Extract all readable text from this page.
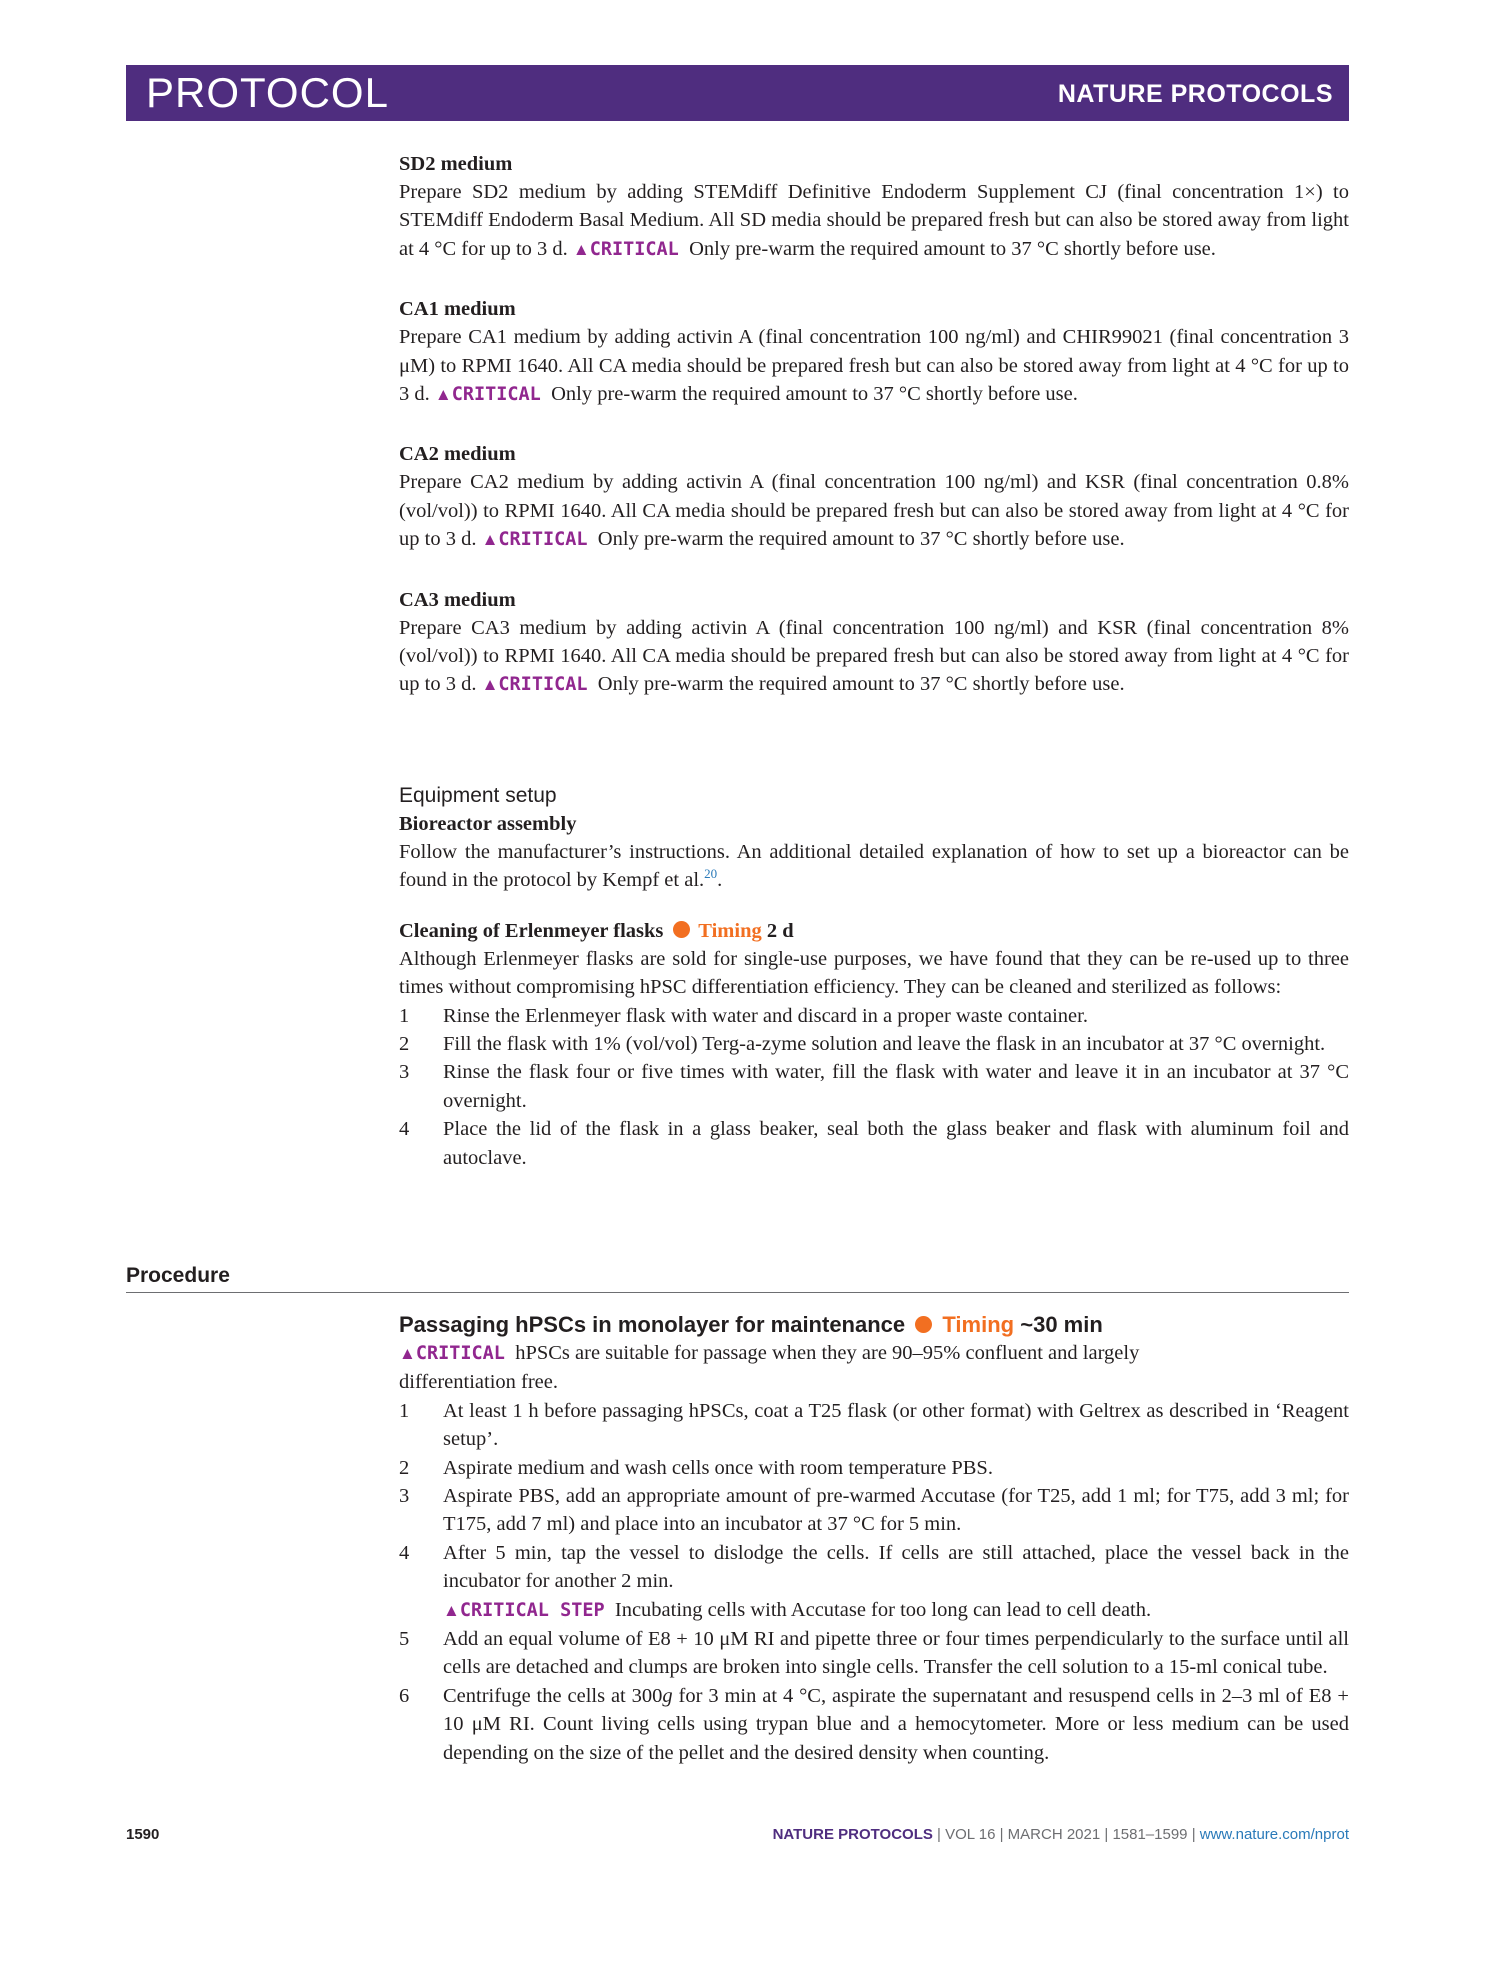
PROTOCOL	NATURE PROTOCOLS
SD2 medium

Prepare SD2 medium by adding STEMdiff Definitive Endoderm Supplement CJ (final concentration 1×) to STEMdiff Endoderm Basal Medium. All SD media should be prepared fresh but can also be stored away from light at 4 °C for up to 3 d. ▲CRITICAL Only pre-warm the required amount to 37 °C shortly before use.

CA1 medium

Prepare CA1 medium by adding activin A (final concentration 100 ng/ml) and CHIR99021 (final concentration 3 μM) to RPMI 1640. All CA media should be prepared fresh but can also be stored away from light at 4 °C for up to 3 d. ▲CRITICAL Only pre-warm the required amount to 37 °C shortly before use.

CA2 medium

Prepare CA2 medium by adding activin A (final concentration 100 ng/ml) and KSR (final concentration 0.8% (vol/vol)) to RPMI 1640. All CA media should be prepared fresh but can also be stored away from light at 4 °C for up to 3 d. ▲CRITICAL Only pre-warm the required amount to 37 °C shortly before use.

CA3 medium

Prepare CA3 medium by adding activin A (final concentration 100 ng/ml) and KSR (final concentration 8% (vol/vol)) to RPMI 1640. All CA media should be prepared fresh but can also be stored away from light at 4 °C for up to 3 d. ▲CRITICAL Only pre-warm the required amount to 37 °C shortly before use.

Equipment setup
Bioreactor assembly

Follow the manufacturer’s instructions. An additional detailed explanation of how to set up a bioreactor can be found in the protocol by Kempf et al.$^{20}$.

Cleaning of Erlenmeyer flasks Timing 2 d

Although Erlenmeyer flasks are sold for single-use purposes, we have found that they can be re-used up to three times without compromising hPSC differentiation efficiency. They can be cleaned and sterilized as follows:

1 Rinse the Erlenmeyer flask with water and discard in a proper waste container.
2 Fill the flask with 1% (vol/vol) Terg-a-zyme solution and leave the flask in an incubator at 37 °C overnight.
3 Rinse the flask four or five times with water, fill the flask with water and leave it in an incubator at 37 °C overnight.
4 Place the lid of the flask in a glass beaker, seal both the glass beaker and flask with aluminum foil and autoclave.
Procedure
Passaging hPSCs in monolayer for maintenance Timing ~30 min

▲CRITICAL hPSCs are suitable for passage when they are 90–95% confluent and largely differentiation free.

1 At least 1 h before passaging hPSCs, coat a T25 flask (or other format) with Geltrex as described in ‘Reagent setup’.
2 Aspirate medium and wash cells once with room temperature PBS.
3 Aspirate PBS, add an appropriate amount of pre-warmed Accutase (for T25, add 1 ml; for T75, add 3 ml; for T175, add 7 ml) and place into an incubator at 37 °C for 5 min.
4 After 5 min, tap the vessel to dislodge the cells. If cells are still attached, place the vessel back in the incubator for another 2 min.
▲CRITICAL STEP Incubating cells with Accutase for too long can lead to cell death.
5 Add an equal volume of E8 + 10 μM RI and pipette three or four times perpendicularly to the surface until all cells are detached and clumps are broken into single cells. Transfer the cell solution to a 15-ml conical tube.
6 Centrifuge the cells at 300g for 3 min at 4 °C, aspirate the supernatant and resuspend cells in 2–3 ml of E8 + 10 μM RI. Count living cells using trypan blue and a hemocytometer. More or less medium can be used depending on the size of the pellet and the desired density when counting.
1590	NATURE PROTOCOLS | VOL 16 | MARCH 2021 | 1581–1599 | www.nature.com/nprot
